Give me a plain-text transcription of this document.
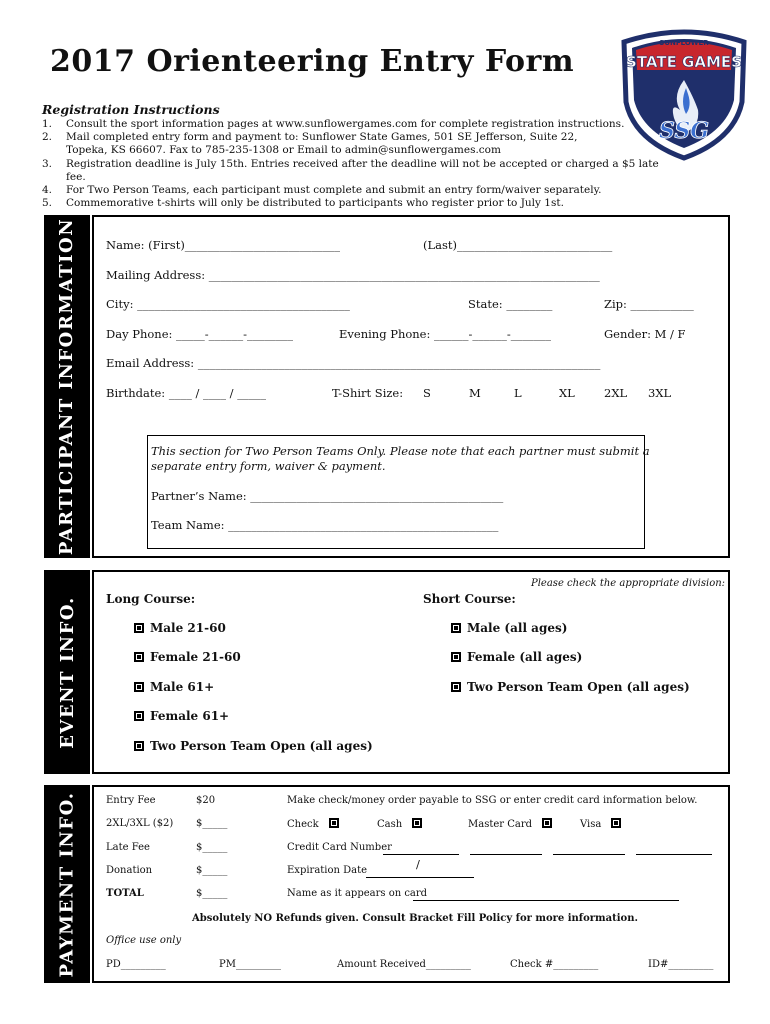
2017 Orienteering Entry Form
SUNFLOWER
STATE GAMES
SSG
Registration Instructions
1.	Consult the sport information pages at www.sunflowergames.com for complete registration instructions.
2.	Mail completed entry form and payment to: Sunflower State Games, 501 SE Jefferson, Suite 22,
Topeka, KS 66607. Fax to 785-235-1308 or Email to admin@sunflowergames.com
3.	Registration deadline is July 15th. Entries received after the deadline will not be accepted or charged a $5 late fee.
4.	For Two Person Teams, each participant must complete and submit an entry form/waiver separately.
5.	Commemorative t-shirts will only be distributed to participants who register prior to July 1st.
PARTICIPANT INFORMATION Name: (First)___________________________	(Last)___________________________
Mailing Address: ____________________________________________________________________
City: _____________________________________	State: ________	Zip: ___________
Day Phone: _____-______-________	Evening Phone: ______-______-_______	Gender: M / F
Email Address: ______________________________________________________________________
Birthdate: ____ / ____ / _____	T-Shirt Size: S	M	L	XL	2XL 3XL
This section for Two Person Teams Only. Please note that each partner must submit a
separate entry form, waiver & payment.
Partner’s Name: ____________________________________________
Team Name: _______________________________________________
EVENT INFO.
Please check the appropriate division:
Long Course:	Short Course:
Male 21-60
Female 21-60
Male 61+
Female 61+
Two Person Team Open (all ages)
Male (all ages)
Female (all ages)
Two Person Team Open (all ages)
PAYMENT INFO.	Entry Fee	$20
2XL/3XL ($2) $_____
Late Fee	$_____
Donation	$_____
TOTAL	$_____
Make check/money order payable to SSG or enter credit card information below.
Check	Cash	Master Card	Visa
Credit Card Number

Expiration Date	/
Name as it appears on card
Absolutely NO Refunds given. Consult Bracket Fill Policy for more information.
Office use only
PD_________	PM_________	Amount Received_________	Check #_________	ID#_________
